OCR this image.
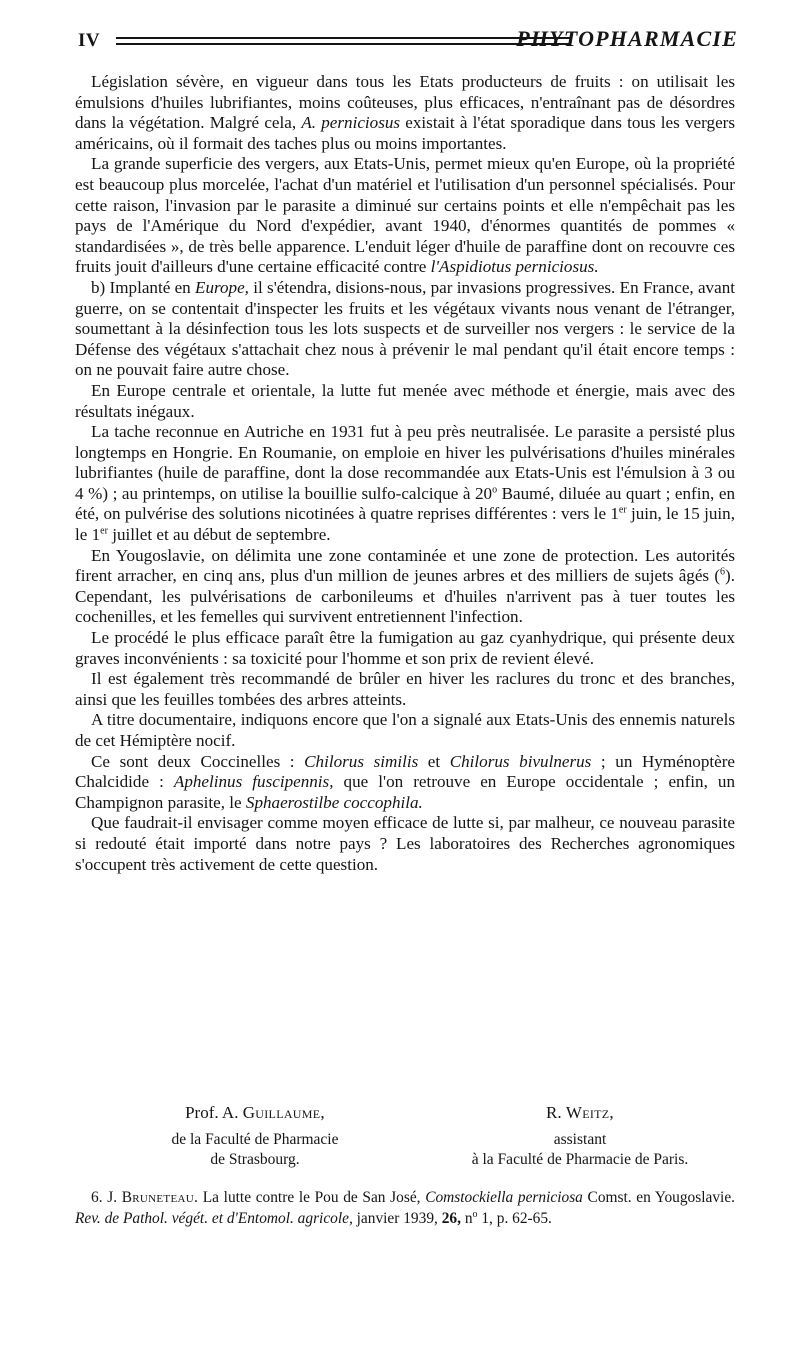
IV	PHYTOPHARMACIE

Législation sévère, en vigueur dans tous les Etats producteurs de fruits : on utilisait les émulsions d'huiles lubrifiantes, moins coûteuses, plus efficaces, n'entraînant pas de désordres dans la végétation. Malgré cela, A. perniciosus existait à l'état sporadique dans tous les vergers américains, où il formait des taches plus ou moins importantes.

La grande superficie des vergers, aux Etats-Unis, permet mieux qu'en Europe, où la propriété est beaucoup plus morcelée, l'achat d'un matériel et l'utilisation d'un personnel spécialisés. Pour cette raison, l'invasion par le parasite a diminué sur certains points et elle n'empêchait pas les pays de l'Amérique du Nord d'expédier, avant 1940, d'énormes quantités de pommes « standardisées », de très belle apparence. L'enduit léger d'huile de paraffine dont on recouvre ces fruits jouit d'ailleurs d'une certaine efficacité contre l'Aspidiotus perniciosus.

b) Implanté en Europe, il s'étendra, disions-nous, par invasions progressives. En France, avant guerre, on se contentait d'inspecter les fruits et les végétaux vivants nous venant de l'étranger, soumettant à la désinfection tous les lots suspects et de surveiller nos vergers : le service de la Défense des végétaux s'attachait chez nous à prévenir le mal pendant qu'il était encore temps : on ne pouvait faire autre chose.

En Europe centrale et orientale, la lutte fut menée avec méthode et énergie, mais avec des résultats inégaux.

La tache reconnue en Autriche en 1931 fut à peu près neutralisée. Le parasite a persisté plus longtemps en Hongrie. En Roumanie, on emploie en hiver les pulvérisations d'huiles minérales lubrifiantes (huile de paraffine, dont la dose recommandée aux Etats-Unis est l'émulsion à 3 ou 4 %) ; au printemps, on utilise la bouillie sulfo-calcique à 20$^o$ Baumé, diluée au quart ; enfin, en été, on pulvérise des solutions nicotinées à quatre reprises différentes : vers le 1er juin, le 15 juin, le 1er juillet et au début de septembre.

En Yougoslavie, on délimita une zone contaminée et une zone de protection. Les autorités firent arracher, en cinq ans, plus d'un million de jeunes arbres et des milliers de sujets âgés ($^6$). Cependant, les pulvérisations de carbonileums et d'huiles n'arrivent pas à tuer toutes les cochenilles, et les femelles qui survivent entretiennent l'infection.

Le procédé le plus efficace paraît être la fumigation au gaz cyanhydrique, qui présente deux graves inconvénients : sa toxicité pour l'homme et son prix de revient élevé.

Il est également très recommandé de brûler en hiver les raclures du tronc et des branches, ainsi que les feuilles tombées des arbres atteints.

A titre documentaire, indiquons encore que l'on a signalé aux Etats-Unis des ennemis naturels de cet Hémiptère nocif.

Ce sont deux Coccinelles : Chilorus similis et Chilorus bivulnerus ; un Hyménoptère Chalcidide : Aphelinus fuscipennis, que l'on retrouve en Europe occidentale ; enfin, un Champignon parasite, le Sphaerostilbe coccophila.

Que faudrait-il envisager comme moyen efficace de lutte si, par malheur, ce nouveau parasite si redouté était importé dans notre pays ? Les laboratoires des Recherches agronomiques s'occupent très activement de cette question.

Prof. A. Guillaume,
de la Faculté de Pharmacie
de Strasbourg.
R. Weitz,
assistant
à la Faculté de Pharmacie de Paris.

6. J. Bruneteau. La lutte contre le Pou de San José, Comstockiella perniciosa Comst. en Yougoslavie. Rev. de Pathol. végét. et d'Entomol. agricole, janvier 1939, 26, $n^o$ 1, p. 62-65.
